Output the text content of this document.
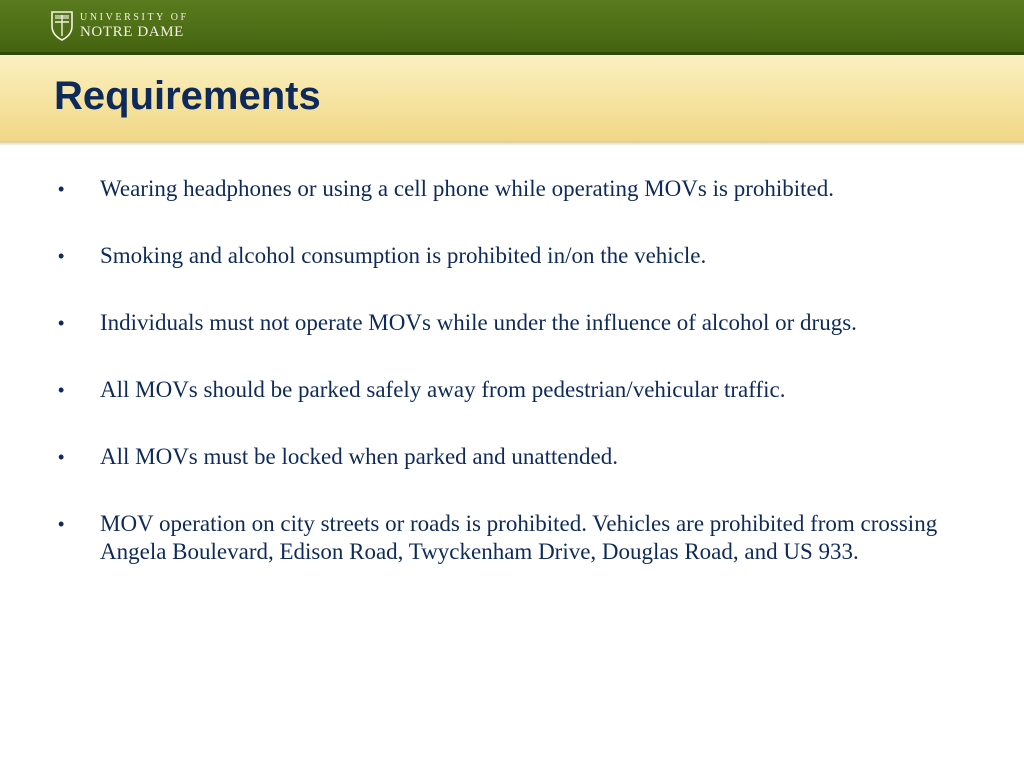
UNIVERSITY OF
NOTRE DAME
Requirements
• Wearing headphones or using a cell phone while operating MOVs is prohibited.
• Smoking and alcohol consumption is prohibited in/on the vehicle.
• Individuals must not operate MOVs while under the influence of alcohol or drugs.
• All MOVs should be parked safely away from pedestrian/vehicular traffic.
• All MOVs must be locked when parked and unattended.
• MOV operation on city streets or roads is prohibited. Vehicles are prohibited from crossing Angela Boulevard, Edison Road, Twyckenham Drive, Douglas Road, and US 933.
